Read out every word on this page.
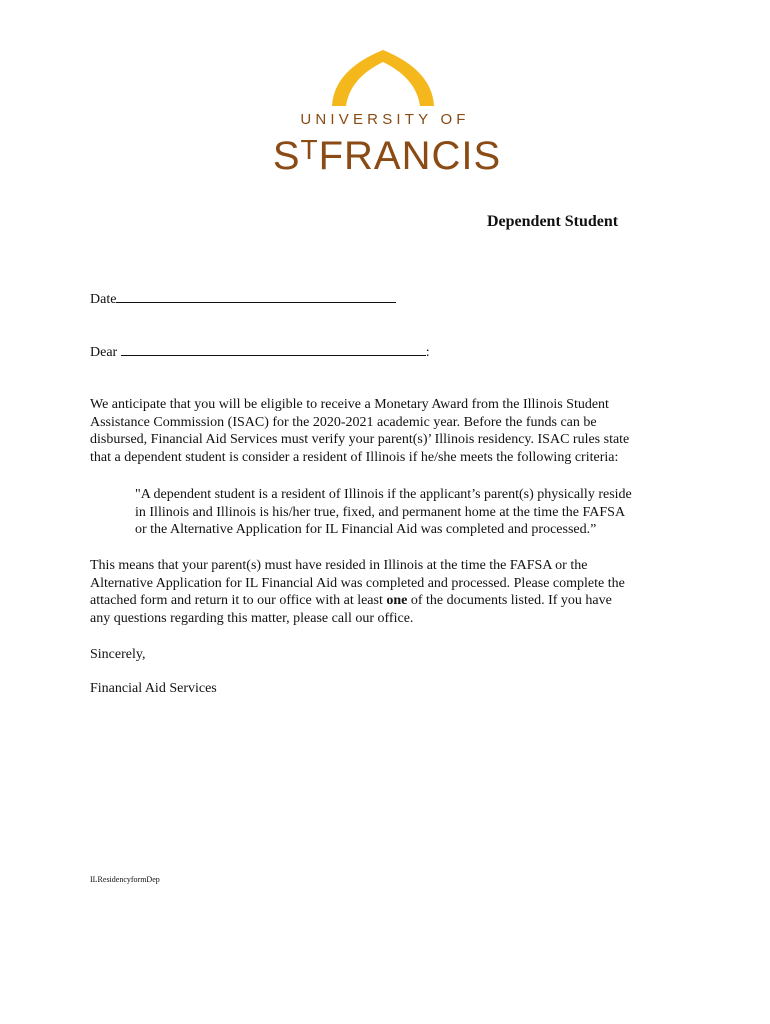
UNIVERSITY OF
$S^TFRANCIS$
Dependent Student
Date
Dear	:

We anticipate that you will be eligible to receive a Monetary Award from the Illinois Student

Assistance Commission (ISAC) for the 2020-2021 academic year. Before the funds can be

disbursed, Financial Aid Services must verify your parent(s)’ Illinois residency. ISAC rules state

that a dependent student is consider a resident of Illinois if he/she meets the following criteria:

"A dependent student is a resident of Illinois if the applicant’s parent(s) physically reside

in Illinois and Illinois is his/her true, fixed, and permanent home at the time the FAFSA

or the Alternative Application for IL Financial Aid was completed and processed.”

This means that your parent(s) must have resided in Illinois at the time the FAFSA or the

Alternative Application for IL Financial Aid was completed and processed. Please complete the

attached form and return it to our office with at least one of the documents listed. If you have

any questions regarding this matter, please call our office.

Sincerely,
Financial Aid Services
ILResidencyformDep
